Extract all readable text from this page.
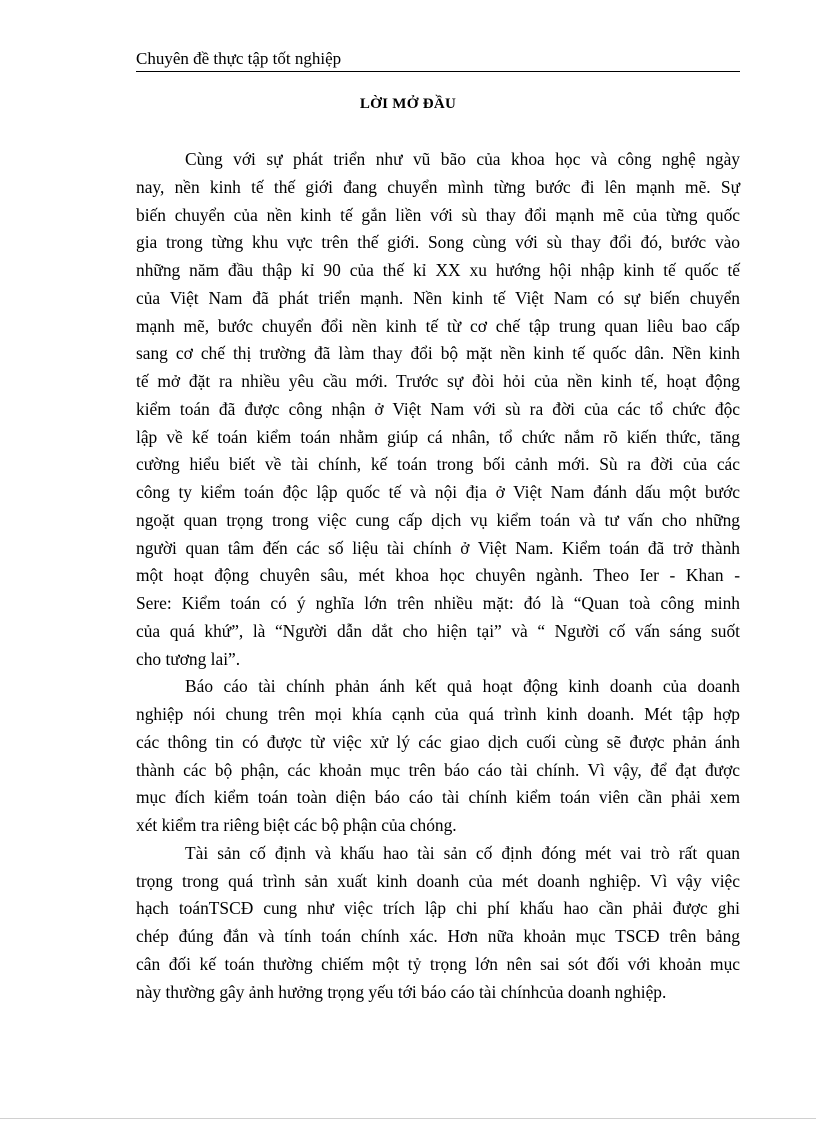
Chuyên đề thực tập tốt nghiệp
LỜI MỞ ĐẦU

Cùng với sự phát triển như vũ bão của khoa học và công nghệ ngày
nay, nền kinh tế thế giới đang chuyển mình từng bước đi lên mạnh mẽ. Sự
biến chuyển của nền kinh tế gắn liền với sù thay đổi mạnh mẽ của từng quốc
gia trong từng khu vực trên thế giới. Song cùng với sù thay đổi đó, bước vào
những năm đầu thập kỉ 90 của thế kỉ XX xu hướng hội nhập kinh tế quốc tế
của Việt Nam đã phát triển mạnh. Nền kinh tế Việt Nam có sự biến chuyển
mạnh mẽ, bước chuyển đổi nền kinh tế từ cơ chế tập trung quan liêu bao cấp
sang cơ chế thị trường đã làm thay đổi bộ mặt nền kinh tế quốc dân. Nền kinh
tế mở đặt ra nhiều yêu cầu mới. Trước sự đòi hỏi của nền kinh tế, hoạt động
kiểm toán đã được công nhận ở Việt Nam với sù ra đời của các tổ chức độc
lập về kế toán kiểm toán nhằm giúp cá nhân, tổ chức nắm rõ kiến thức, tăng
cường hiểu biết về tài chính, kế toán trong bối cảnh mới. Sù ra đời của các
công ty kiểm toán độc lập quốc tế và nội địa ở Việt Nam đánh dấu một bước
ngoặt quan trọng trong việc cung cấp dịch vụ kiểm toán và tư vấn cho những
người quan tâm đến các số liệu tài chính ở Việt Nam. Kiểm toán đã trở thành
một hoạt động chuyên sâu, mét khoa học chuyên ngành. Theo Ier - Khan -
Sere: Kiểm toán có ý nghĩa lớn trên nhiều mặt: đó là “Quan toà công minh
của quá khứ”, là “Người dẫn dắt cho hiện tại” và “ Người cố vấn sáng suốt
cho tương lai”.

Báo cáo tài chính phản ánh kết quả hoạt động kinh doanh của doanh
nghiệp nói chung trên mọi khía cạnh của quá trình kinh doanh. Mét tập hợp
các thông tin có được từ việc xử lý các giao dịch cuối cùng sẽ được phản ánh
thành các bộ phận, các khoản mục trên báo cáo tài chính. Vì vậy, để đạt được
mục đích kiểm toán toàn diện báo cáo tài chính kiểm toán viên cần phải xem
xét kiểm tra riêng biệt các bộ phận của chóng.

Tài sản cố định và khấu hao tài sản cố định đóng mét vai trò rất quan
trọng trong quá trình sản xuất kinh doanh của mét doanh nghiệp. Vì vậy việc
hạch toánTSCĐ cung như việc trích lập chi phí khấu hao cần phải được ghi
chép đúng đắn và tính toán chính xác. Hơn nữa khoản mục TSCĐ trên bảng
cân đối kế toán thường chiếm một tỷ trọng lớn nên sai sót đối với khoản mục
này thường gây ảnh hưởng trọng yếu tới báo cáo tài chínhcủa doanh nghiệp.
